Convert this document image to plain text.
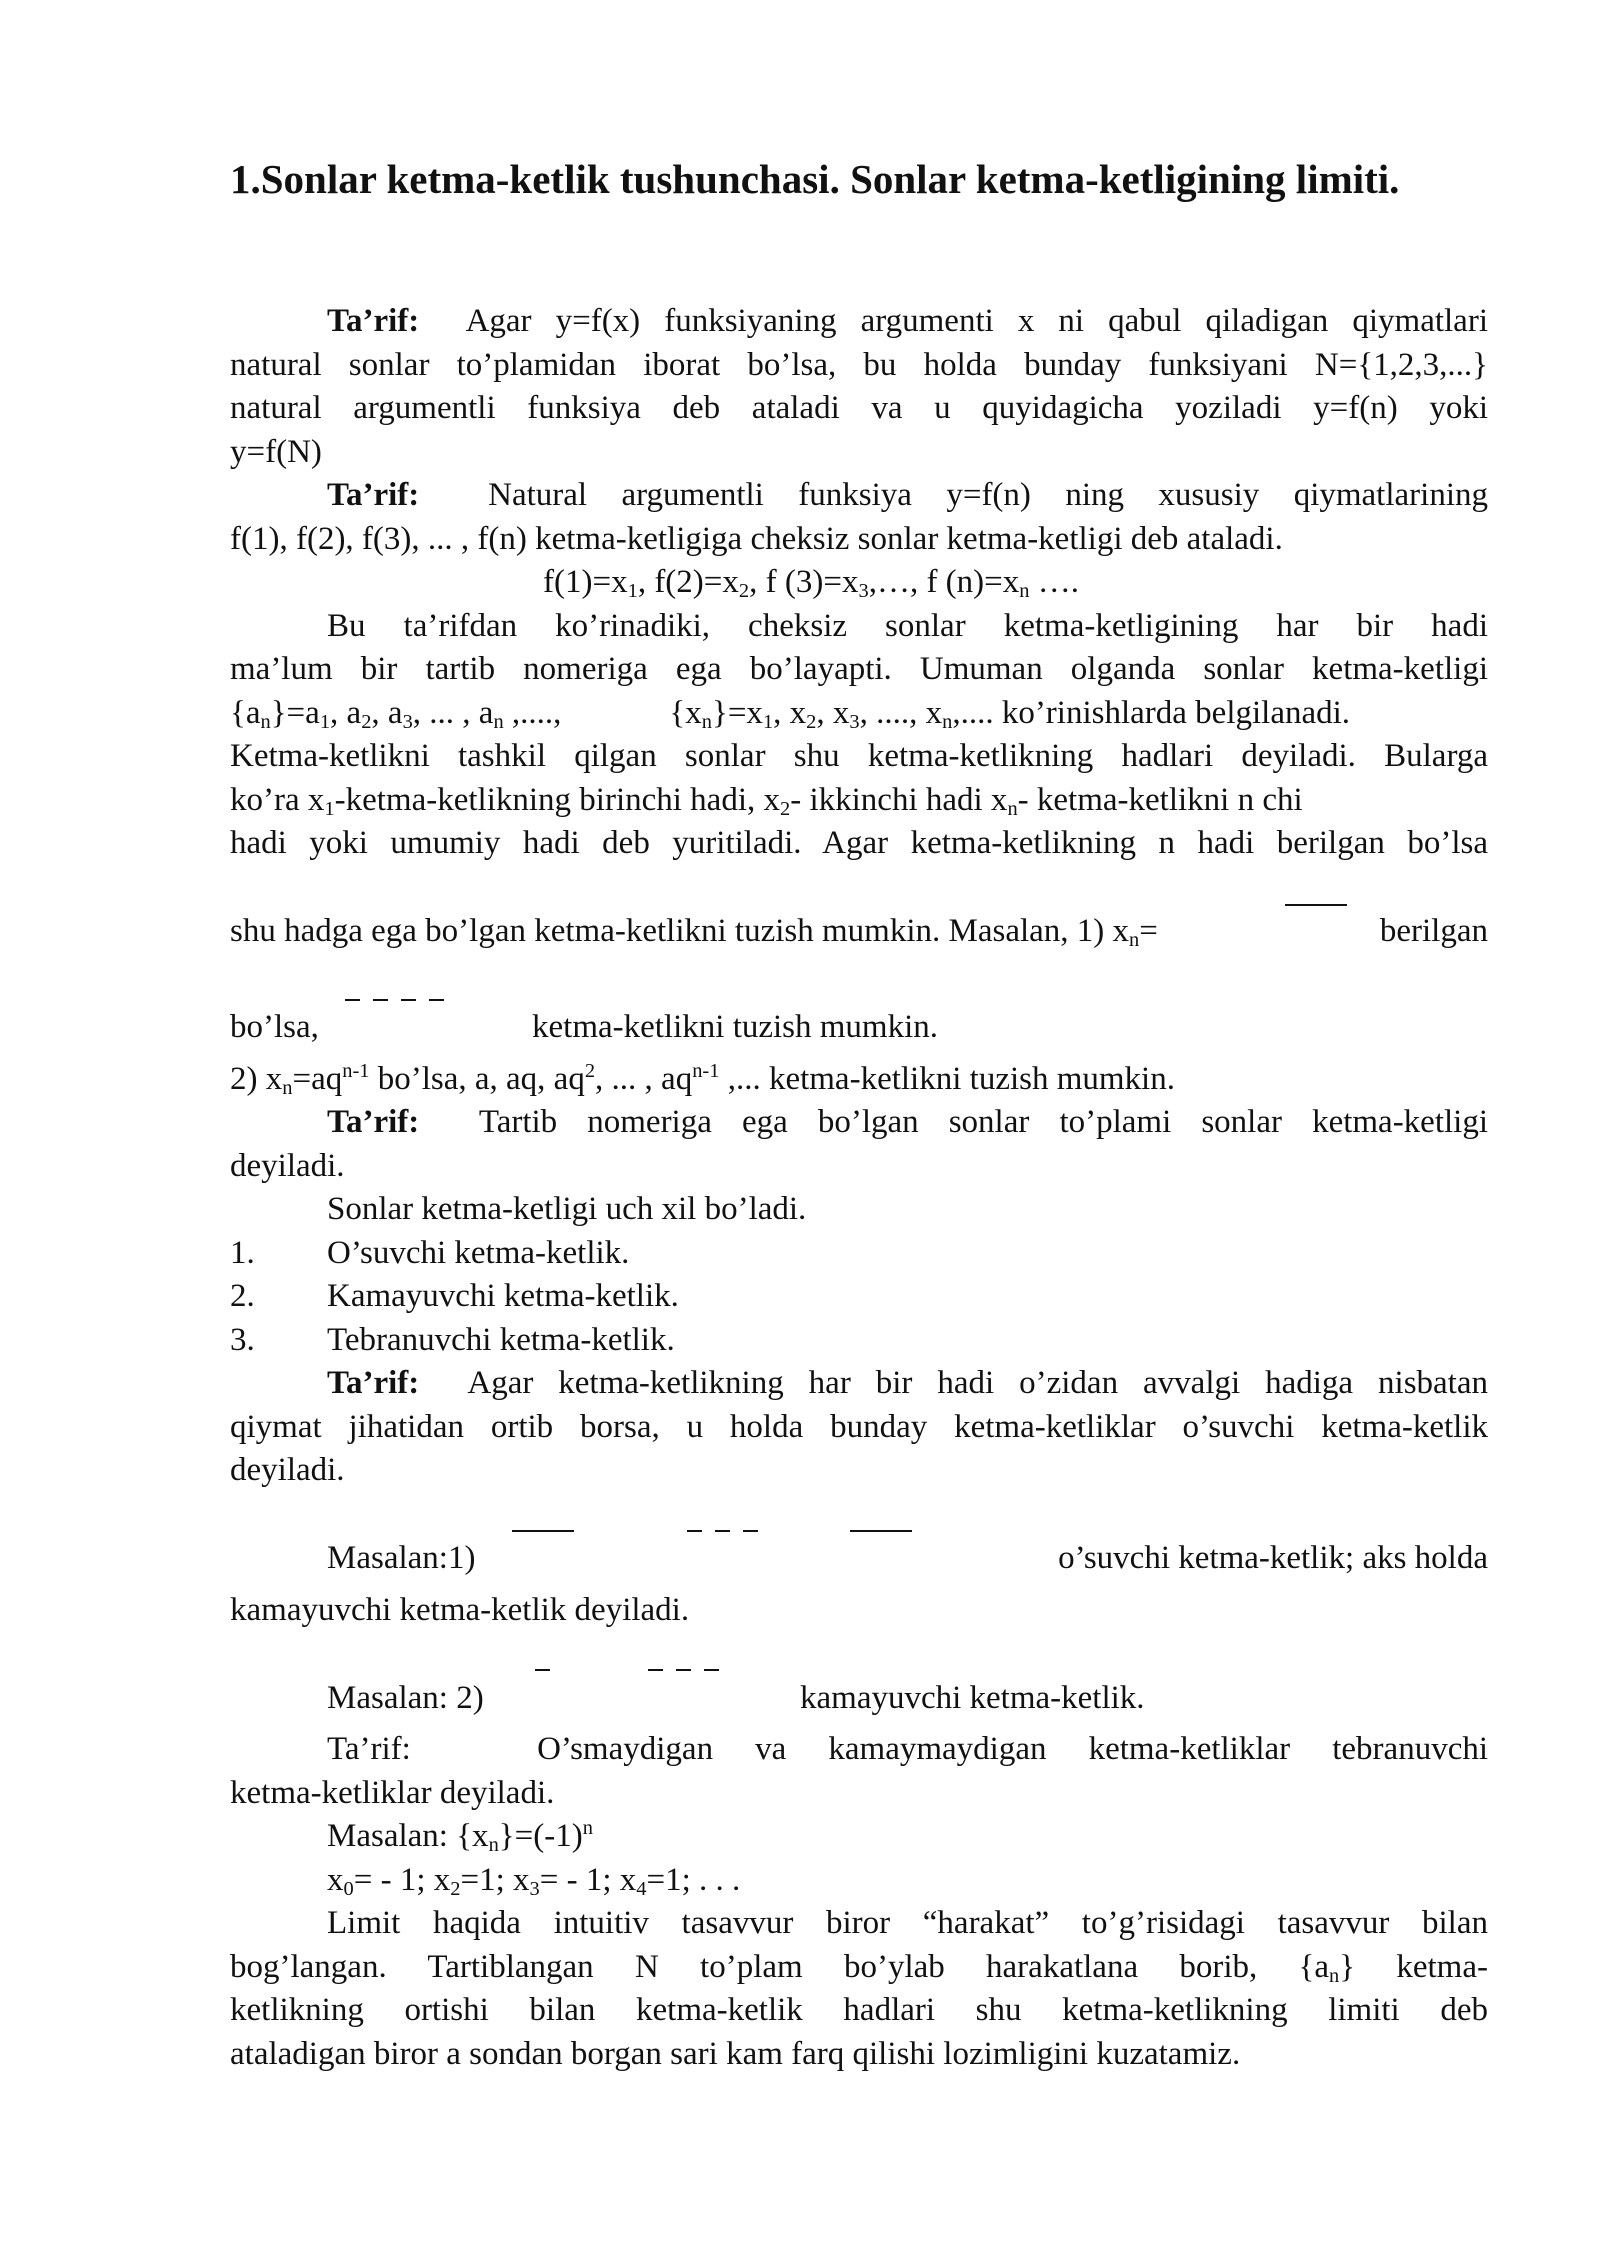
1.Sonlar ketma-ketlik tushunchasi. Sonlar ketma-ketligining limiti.
Ta’rif: Agar y=f(x) funksiyaning argumenti x ni qabul qiladigan qiymatlari
natural sonlar to’plamidan iborat bo’lsa, bu holda bunday funksiyani N={1,2,3,...}
natural argumentli funksiya deb ataladi va u quyidagicha yoziladi y=f(n) yoki
y=f(N)
Ta’rif: Natural argumentli funksiya y=f(n) ning xususiy qiymatlarining
f(1), f(2), f(3), ... , f(n) ketma-ketligiga cheksiz sonlar ketma-ketligi deb ataladi.
$f(1)=x_1$, $f(2)=x_2$, f $(3)=x_3,\dots$, f $(n)=x_n$ ….
Bu ta’rifdan ko’rinadiki, cheksiz sonlar ketma-ketligining har bir hadi
ma’lum bir tartib nomeriga ega bo’layapti. Umuman olganda sonlar ketma-ketligi
$\{a_n\}=a_1$, $a_2$, $a_3$, ... , $a_n$ ,....,	$\{x_n\}=x_1$, $x_2$, $x_3$, ...., $x_n$,.... ko’rinishlarda belgilanadi.
Ketma-ketlikni tashkil qilgan sonlar shu ketma-ketlikning hadlari deyiladi. Bularga
ko’ra $x_1-ketma$-ketlikning birinchi hadi, $x_2-$ ikkinchi hadi $x_n-$ ketma-ketlikni n chi
hadi yoki umumiy hadi deb yuritiladi. Agar ketma-ketlikning n hadi berilgan bo’lsa
shu hadga ega bo’lgan ketma-ketlikni tuzish mumkin. Masalan, 1) $x_n=$	berilgan
bo’lsa,	ketma-ketlikni tuzish mumkin.
2) $x_n=aq^{n-1}$ bo’lsa, a, aq, $aq^2$, ... , $aq^{n-1}$ ,... ketma-ketlikni tuzish mumkin.
Ta’rif: Tartib nomeriga ega bo’lgan sonlar to’plami sonlar ketma-ketligi
deyiladi.
Sonlar ketma-ketligi uch xil bo’ladi.
1. O’suvchi ketma-ketlik.
2. Kamayuvchi ketma-ketlik.
3. Tebranuvchi ketma-ketlik.
Ta’rif: Agar ketma-ketlikning har bir hadi o’zidan avvalgi hadiga nisbatan
qiymat jihatidan ortib borsa, u holda bunday ketma-ketliklar o’suvchi ketma-ketlik
deyiladi.
Masalan:1)	o’suvchi ketma-ketlik; aks holda
kamayuvchi ketma-ketlik deyiladi.
Masalan: 2)	kamayuvchi ketma-ketlik.
Ta’rif:	O’smaydigan va kamaymaydigan ketma-ketliklar tebranuvchi
ketma-ketliklar deyiladi.
Masalan: $\{x_n\}=(-1)^n$
$x_0= - 1$; $x_2=1$; $x_3= - 1$; $x_4=1$; . . .
Limit haqida intuitiv tasavvur biror “harakat” to’g’risidagi tasavvur bilan
bog’langan. Tartiblangan N to’plam bo’ylab harakatlana borib, $\{a_n\}$ ketma-
ketlikning ortishi bilan ketma-ketlik hadlari shu ketma-ketlikning limiti deb
ataladigan biror a sondan borgan sari kam farq qilishi lozimligini kuzatamiz.
